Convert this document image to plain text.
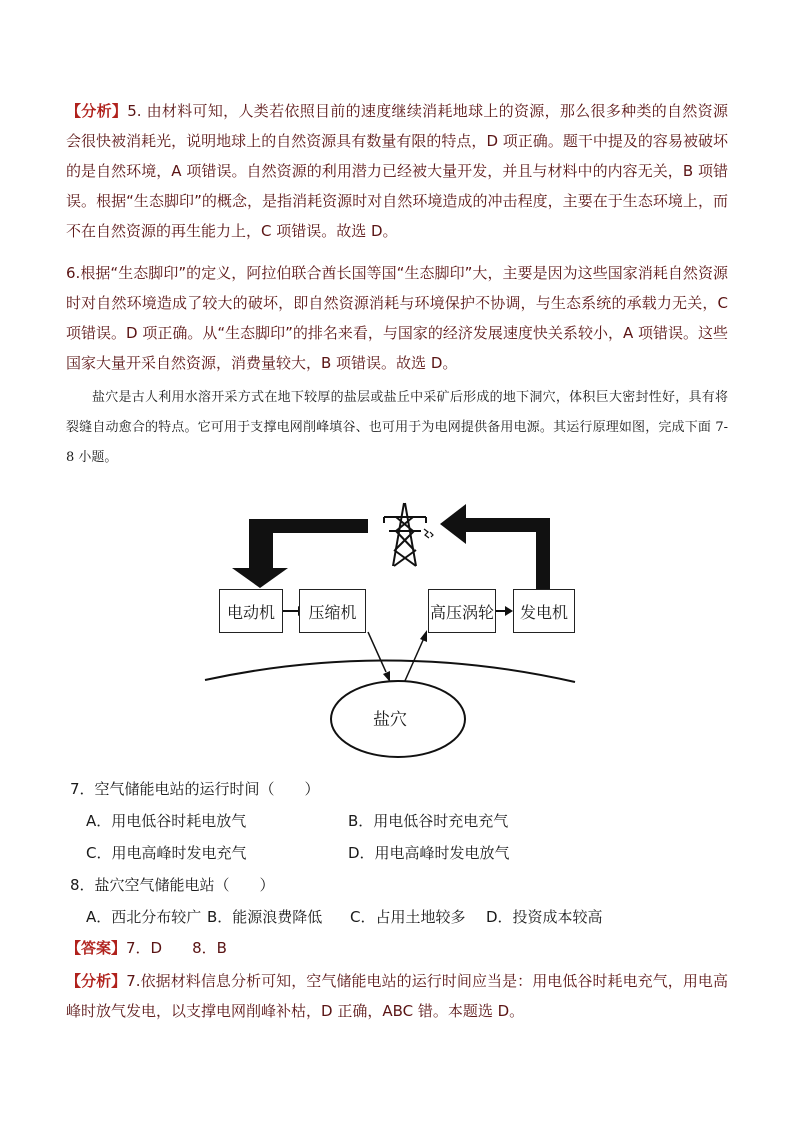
【分析】5. 由材料可知，人类若依照目前的速度继续消耗地球上的资源，那么很多种类的自然资源会很快被消耗光，说明地球上的自然资源具有数量有限的特点，D 项正确。题干中提及的容易被破坏的是自然环境，A 项错误。自然资源的利用潜力已经被大量开发，并且与材料中的内容无关，B 项错误。根据“生态脚印”的概念，是指消耗资源时对自然环境造成的冲击程度，主要在于生态环境上，而不在自然资源的再生能力上，C 项错误。故选 D。

6.根据“生态脚印”的定义，阿拉伯联合酋长国等国“生态脚印”大，主要是因为这些国家消耗自然资源时对自然环境造成了较大的破坏，即自然资源消耗与环境保护不协调，与生态系统的承载力无关，C 项错误。D 项正确。从“生态脚印”的排名来看，与国家的经济发展速度快关系较小，A 项错误。这些国家大量开采自然资源，消费量较大，B 项错误。故选 D。

盐穴是古人利用水溶开采方式在地下较厚的盐层或盐丘中采矿后形成的地下洞穴，体积巨大密封性好，具有将裂缝自动愈合的特点。它可用于支撑电网削峰填谷、也可用于为电网提供备用电源。其运行原理如图，完成下面 7-8 小题。

电动机	压缩机	高压涡轮	发电机
盐穴
7．空气储能电站的运行时间（　　）
A．用电低谷时耗电放气	B．用电低谷时充电充气
C．用电高峰时发电充气	D．用电高峰时发电放气
8．盐穴空气储能电站（　　）
A．西北分布较广 B．能源浪费降低 C．占用土地较多 D．投资成本较高
【答案】7．D　　8．B

【分析】7.依据材料信息分析可知，空气储能电站的运行时间应当是：用电低谷时耗电充气，用电高峰时放气发电，以支撑电网削峰补枯，D 正确，ABC 错。本题选 D。
